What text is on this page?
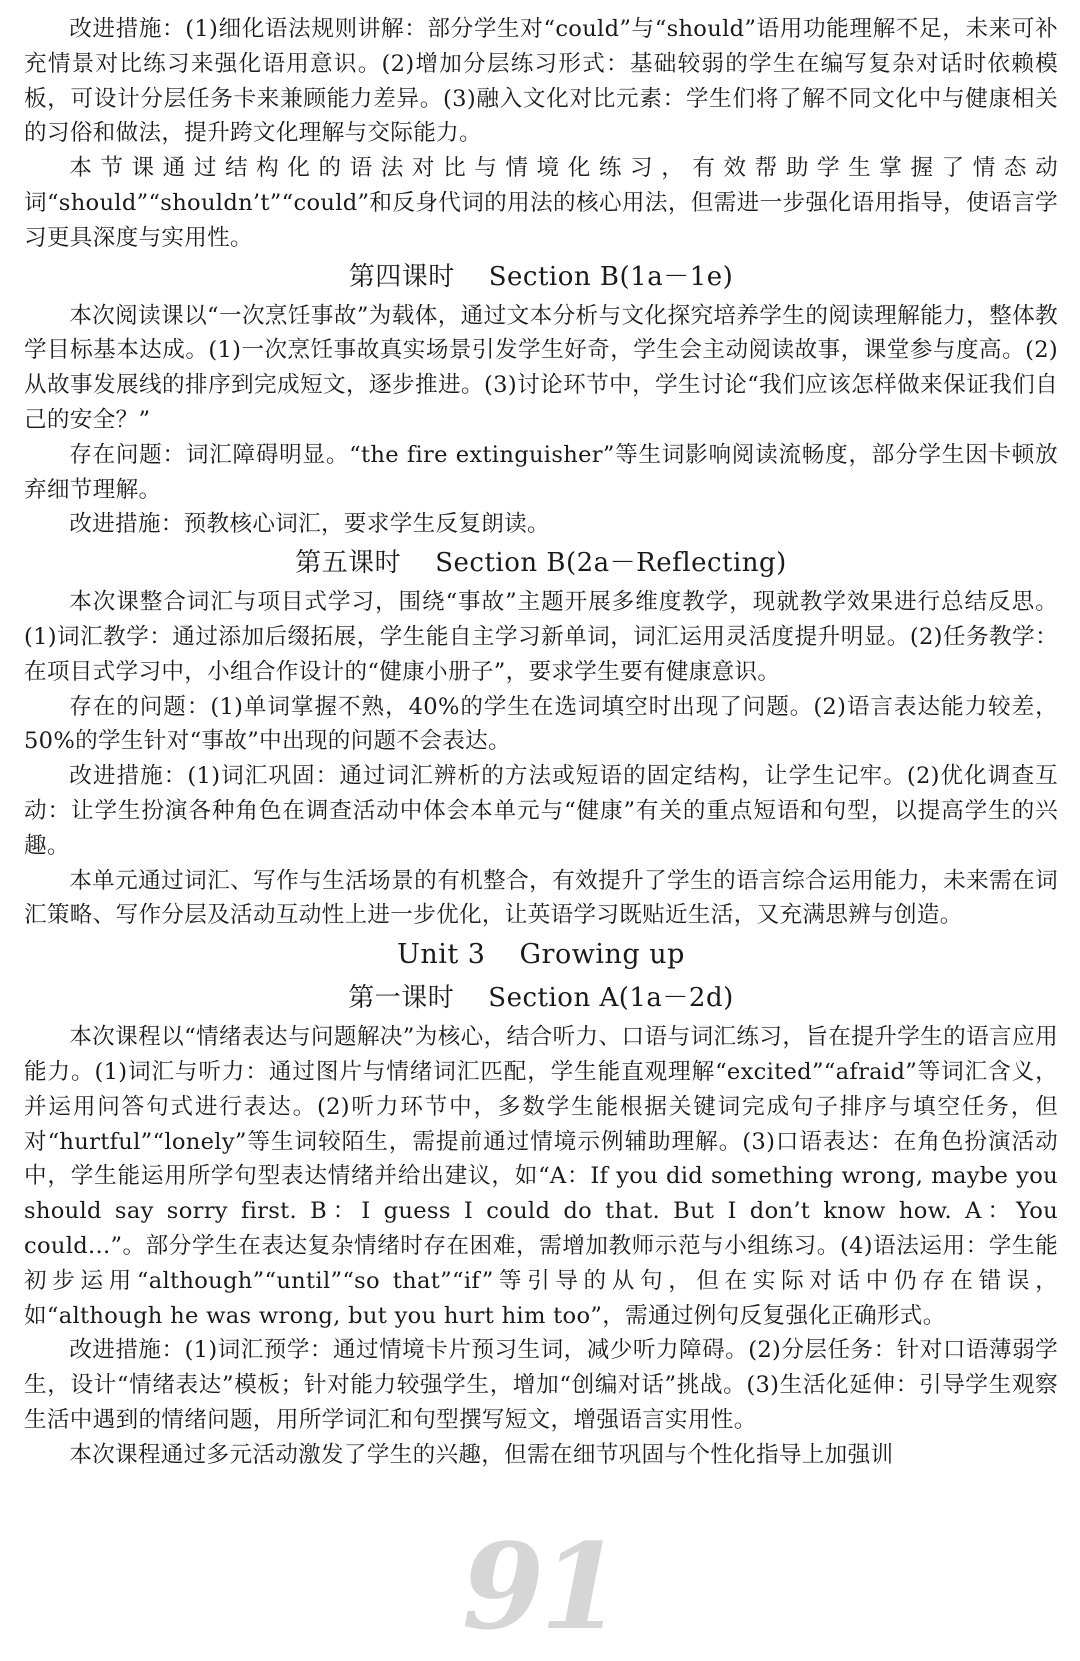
改进措施：(1)细化语法规则讲解：部分学生对“could”与“should”语用功能理解不足，未来可补充情景对比练习来强化语用意识。(2)增加分层练习形式：基础较弱的学生在编写复杂对话时依赖模板，可设计分层任务卡来兼顾能力差异。(3)融入文化对比元素：学生们将了解不同文化中与健康相关的习俗和做法，提升跨文化理解与交际能力。

本节课通过结构化的语法对比与情境化练习，有效帮助学生掌握了情态动词“should”“shouldn’t”“could”和反身代词的用法的核心用法，但需进一步强化语用指导，使语言学习更具深度与实用性。

第四课时 Section B(1a－1e)

本次阅读课以“一次烹饪事故”为载体，通过文本分析与文化探究培养学生的阅读理解能力，整体教学目标基本达成。(1)一次烹饪事故真实场景引发学生好奇，学生会主动阅读故事，课堂参与度高。(2)从故事发展线的排序到完成短文，逐步推进。(3)讨论环节中，学生讨论“我们应该怎样做来保证我们自己的安全？”

存在问题：词汇障碍明显。“the fire extinguisher”等生词影响阅读流畅度，部分学生因卡顿放弃细节理解。

改进措施：预教核心词汇，要求学生反复朗读。

第五课时 Section B(2a－Reflecting)

本次课整合词汇与项目式学习，围绕“事故”主题开展多维度教学，现就教学效果进行总结反思。(1)词汇教学：通过添加后缀拓展，学生能自主学习新单词，词汇运用灵活度提升明显。(2)任务教学：在项目式学习中，小组合作设计的“健康小册子”，要求学生要有健康意识。

存在的问题：(1)单词掌握不熟，40%的学生在选词填空时出现了问题。(2)语言表达能力较差，50%的学生针对“事故”中出现的问题不会表达。

改进措施：(1)词汇巩固：通过词汇辨析的方法或短语的固定结构，让学生记牢。(2)优化调查互动：让学生扮演各种角色在调查活动中体会本单元与“健康”有关的重点短语和句型，以提高学生的兴趣。

本单元通过词汇、写作与生活场景的有机整合，有效提升了学生的语言综合运用能力，未来需在词汇策略、写作分层及活动互动性上进一步优化，让英语学习既贴近生活，又充满思辨与创造。

Unit 3 Growing up
第一课时 Section A(1a－2d)

本次课程以“情绪表达与问题解决”为核心，结合听力、口语与词汇练习，旨在提升学生的语言应用能力。(1)词汇与听力：通过图片与情绪词汇匹配，学生能直观理解“excited”“afraid”等词汇含义，并运用问答句式进行表达。(2)听力环节中，多数学生能根据关键词完成句子排序与填空任务，但对“hurtful”“lonely”等生词较陌生，需提前通过情境示例辅助理解。(3)口语表达：在角色扮演活动中，学生能运用所学句型表达情绪并给出建议，如“A：If you did something wrong, maybe you should say sorry first. B：I guess I could do that. But I don’t know how. A：You could...”。部分学生在表达复杂情绪时存在困难，需增加教师示范与小组练习。(4)语法运用：学生能初步运用“although”“until”“so that”“if”等引导的从句，但在实际对话中仍存在错误，如“although he was wrong, but you hurt him too”，需通过例句反复强化正确形式。

改进措施：(1)词汇预学：通过情境卡片预习生词，减少听力障碍。(2)分层任务：针对口语薄弱学生，设计“情绪表达”模板；针对能力较强学生，增加“创编对话”挑战。(3)生活化延伸：引导学生观察生活中遇到的情绪问题，用所学词汇和句型撰写短文，增强语言实用性。

本次课程通过多元活动激发了学生的兴趣，但需在细节巩固与个性化指导上加强训

91
